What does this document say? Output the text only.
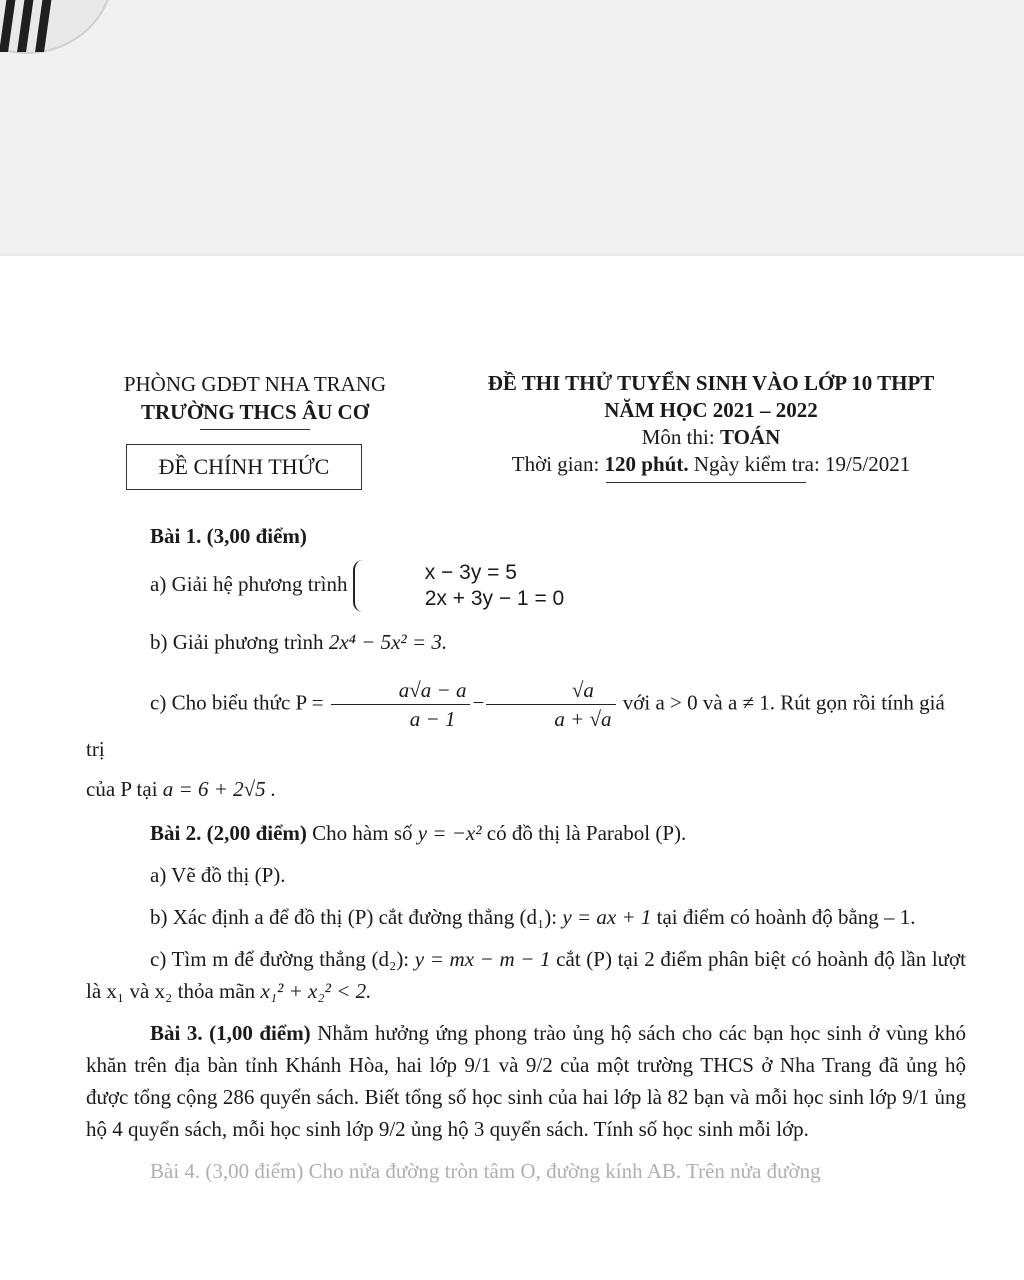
PHÒNG GDĐT NHA TRANG
TRƯỜNG THCS ÂU CƠ
ĐỀ CHÍNH THỨC
ĐỀ THI THỬ TUYỂN SINH VÀO LỚP 10 THPT
NĂM HỌC 2021 – 2022
Môn thi: TOÁN
Thời gian: 120 phút. Ngày kiểm tra: 19/5/2021

Bài 1. (3,00 điểm)

a) Giải hệ phương trình	x − 3y = 5
2x + 3y − 1 = 0

b) Giải phương trình 2x⁴ − 5x² = 3.

c) Cho biểu thức $P = \frac{a√a - a}{a - 1} - \frac{√a}{a + √a}$ với a > 0 và a ≠ 1. Rút gọn rồi tính giá trị

của P tại a = 6 + 2√5 .

Bài 2. (2,00 điểm) Cho hàm số y = −x² có đồ thị là Parabol (P).

a) Vẽ đồ thị (P).

b) Xác định a để đồ thị (P) cắt đường thẳng (d₁): y = ax + 1 tại điểm có hoành độ bằng – 1.

c) Tìm m để đường thẳng (d₂): y = mx − m − 1 cắt (P) tại 2 điểm phân biệt có hoành độ lần lượt là x₁ và x₂ thỏa mãn x₁² + x₂² < 2.

Bài 3. (1,00 điểm) Nhằm hưởng ứng phong trào ủng hộ sách cho các bạn học sinh ở vùng khó khăn trên địa bàn tỉnh Khánh Hòa, hai lớp 9/1 và 9/2 của một trường THCS ở Nha Trang đã ủng hộ được tổng cộng 286 quyển sách. Biết tổng số học sinh của hai lớp là 82 bạn và mỗi học sinh lớp 9/1 ủng hộ 4 quyển sách, mỗi học sinh lớp 9/2 ủng hộ 3 quyển sách. Tính số học sinh mỗi lớp.

Bài 4. (3,00 điểm) Cho nửa đường tròn tâm O, đường kính AB. Trên nửa đường
